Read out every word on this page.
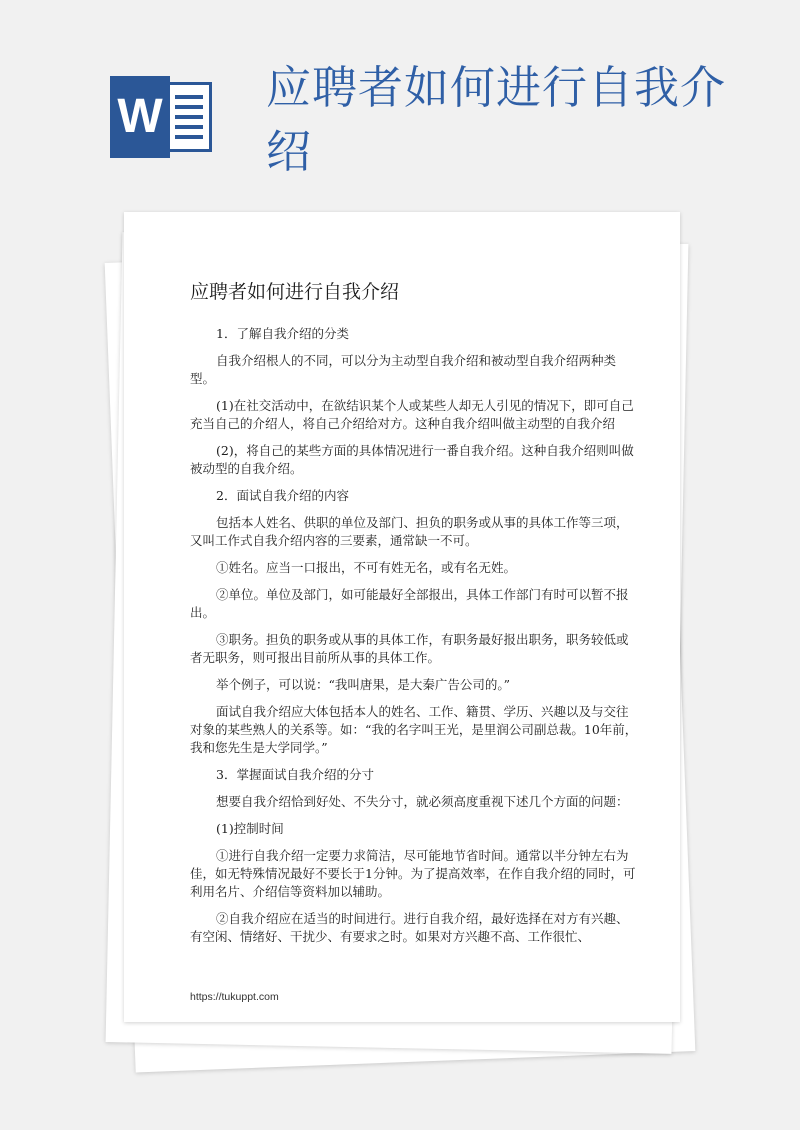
W
应聘者如何进行自我介绍
应聘者如何进行自我介绍

1．了解自我介绍的分类

自我介绍根人的不同，可以分为主动型自我介绍和被动型自我介绍两种类型。

(1)在社交活动中，在欲结识某个人或某些人却无人引见的情况下，即可自己充当自己的介绍人，将自己介绍给对方。这种自我介绍叫做主动型的自我介绍

(2)，将自己的某些方面的具体情况进行一番自我介绍。这种自我介绍则叫做被动型的自我介绍。

2．面试自我介绍的内容

包括本人姓名、供职的单位及部门、担负的职务或从事的具体工作等三项，又叫工作式自我介绍内容的三要素，通常缺一不可。

①姓名。应当一口报出，不可有姓无名，或有名无姓。

②单位。单位及部门，如可能最好全部报出，具体工作部门有时可以暂不报出。

③职务。担负的职务或从事的具体工作，有职务最好报出职务，职务较低或者无职务，则可报出目前所从事的具体工作。

举个例子，可以说：“我叫唐果，是大秦广告公司的。”

面试自我介绍应大体包括本人的姓名、工作、籍贯、学历、兴趣以及与交往对象的某些熟人的关系等。如：“我的名字叫王光，是里润公司副总裁。10年前，我和您先生是大学同学。”

3．掌握面试自我介绍的分寸

想要自我介绍恰到好处、不失分寸，就必须高度重视下述几个方面的问题：

(1)控制时间

①进行自我介绍一定要力求简洁，尽可能地节省时间。通常以半分钟左右为佳，如无特殊情况最好不要长于1分钟。为了提高效率，在作自我介绍的同时，可利用名片、介绍信等资料加以辅助。

②自我介绍应在适当的时间进行。进行自我介绍，最好选择在对方有兴趣、有空闲、情绪好、干扰少、有要求之时。如果对方兴趣不高、工作很忙、

https://tukuppt.com
